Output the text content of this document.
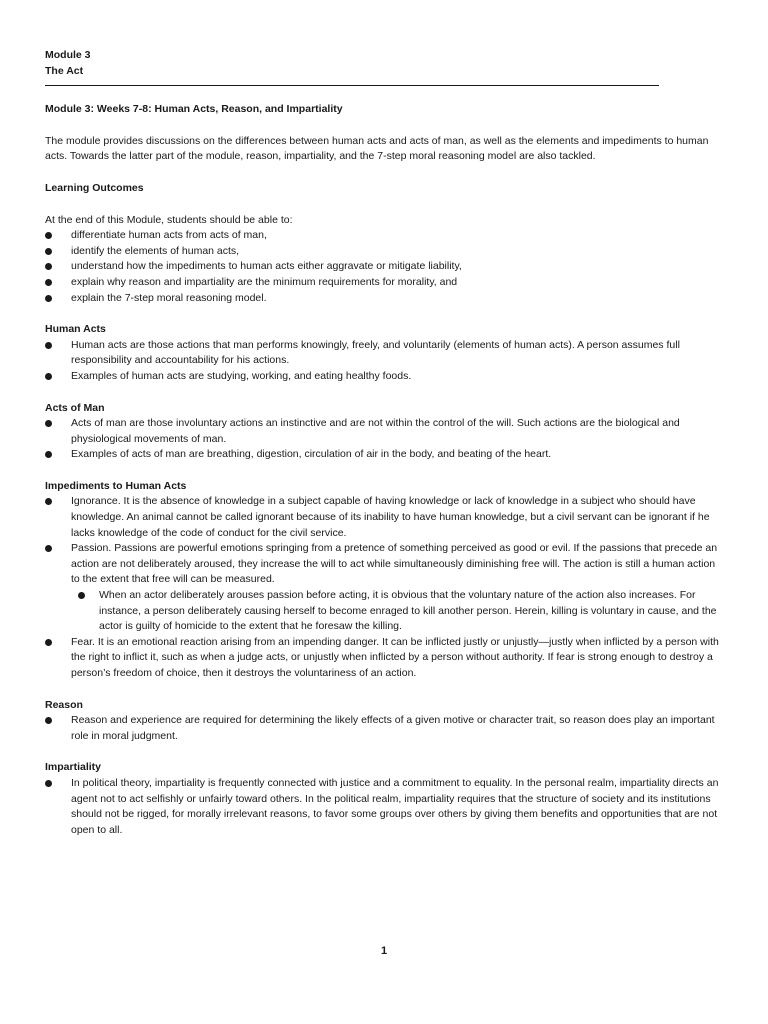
Module 3
The Act
Module 3: Weeks 7-8: Human Acts, Reason, and Impartiality

The module provides discussions on the differences between human acts and acts of man, as well as the elements and impediments to human acts. Towards the latter part of the module, reason, impartiality, and the 7-step moral reasoning model are also tackled.

Learning Outcomes
At the end of this Module, students should be able to:
differentiate human acts from acts of man,
identify the elements of human acts,
understand how the impediments to human acts either aggravate or mitigate liability,
explain why reason and impartiality are the minimum requirements for morality, and
explain the 7-step moral reasoning model.
Human Acts
Human acts are those actions that man performs knowingly, freely, and voluntarily (elements of human acts). A person assumes full responsibility and accountability for his actions.
Examples of human acts are studying, working, and eating healthy foods.
Acts of Man
Acts of man are those involuntary actions an instinctive and are not within the control of the will. Such actions are the biological and physiological movements of man.
Examples of acts of man are breathing, digestion, circulation of air in the body, and beating of the heart.
Impediments to Human Acts
Ignorance. It is the absence of knowledge in a subject capable of having knowledge or lack of knowledge in a subject who should have knowledge. An animal cannot be called ignorant because of its inability to have human knowledge, but a civil servant can be ignorant if he lacks knowledge of the code of conduct for the civil service.
Passion. Passions are powerful emotions springing from a pretence of something perceived as good or evil. If the passions that precede an action are not deliberately aroused, they increase the will to act while simultaneously diminishing free will. The action is still a human action to the extent that free will can be measured.
When an actor deliberately arouses passion before acting, it is obvious that the voluntary nature of the action also increases. For instance, a person deliberately causing herself to become enraged to kill another person. Herein, killing is voluntary in cause, and the actor is guilty of homicide to the extent that he foresaw the killing.
Fear. It is an emotional reaction arising from an impending danger. It can be inflicted justly or unjustly—justly when inflicted by a person with the right to inflict it, such as when a judge acts, or unjustly when inflicted by a person without authority. If fear is strong enough to destroy a person’s freedom of choice, then it destroys the voluntariness of an action.
Reason
Reason and experience are required for determining the likely effects of a given motive or character trait, so reason does play an important role in moral judgment.
Impartiality
In political theory, impartiality is frequently connected with justice and a commitment to equality. In the personal realm, impartiality directs an agent not to act selfishly or unfairly toward others. In the political realm, impartiality requires that the structure of society and its institutions should not be rigged, for morally irrelevant reasons, to favor some groups over others by giving them benefits and opportunities that are not open to all.
1
